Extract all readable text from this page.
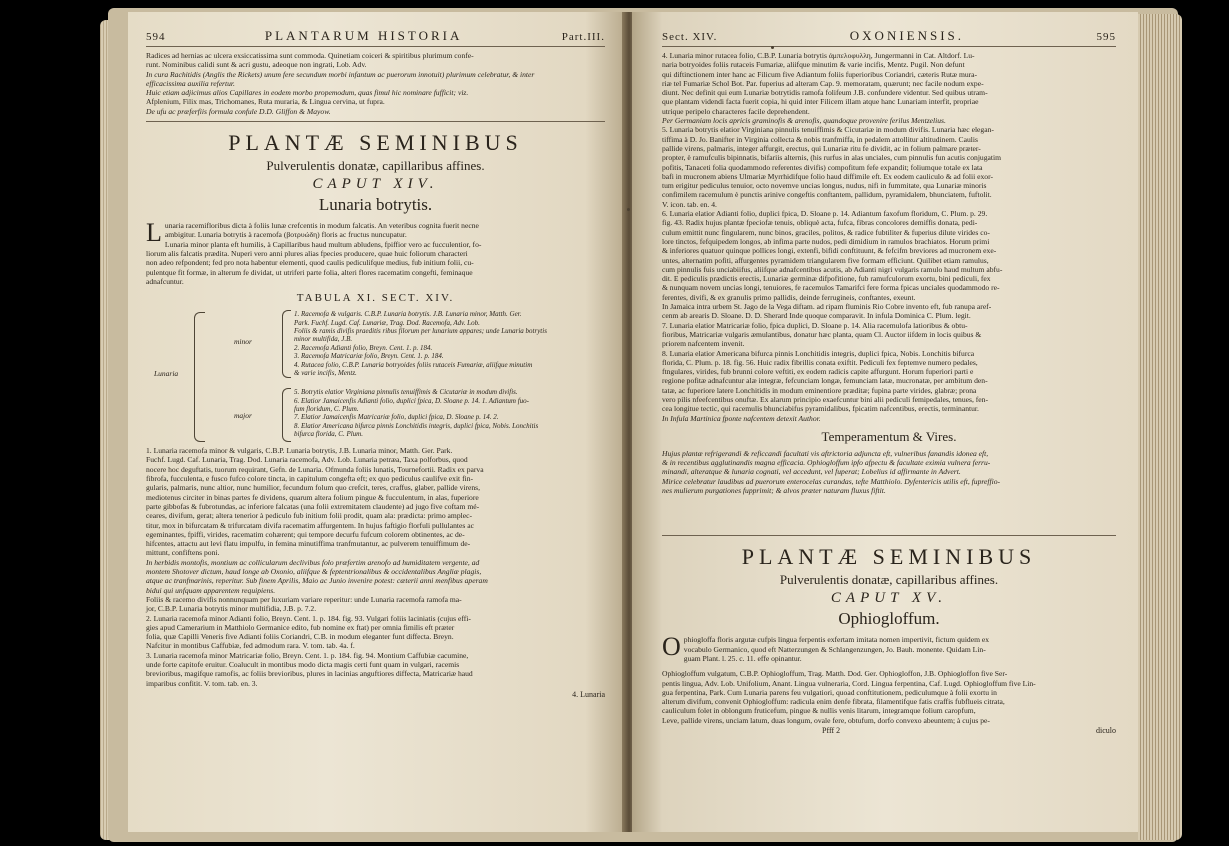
594	PLANTARUM HISTORIA	Part.III.

Radices ad hernias ac ulcera exsiccatissima sunt commoda. Quinetiam coiceri & spiritibus plurimum confe-

runt. Nominibus calidi sunt & acri gustu, adeoque non ingrati, Lob. Adv.

In cura Rachitidis (Anglis the Rickets) unum fere secundum morbi infantum ac puerorum innotuit) plurimum celebratur, & inter

efficacissima auxilia refertur.

Huic etiam adjicimus alios Capillares in eodem morbo propemodum, quas fimul hic nominare fufficit; viz.

Afplenium, Filix mas, Trichomanes, Ruta muraria, & Lingua cervina, ut fupra.

De ufu ac præferfiis formula confule D.D. Gliffon & Mayow.

PLANTÆ SEMINIBUS
Pulverulentis donatæ, capillaribus affines.
CAPUT XIV.
Lunaria botrytis.
L unaria racemifloribus dicta à foliis lunæ crefcentis in modum falcatis. An veteribus cognita fuerit necne

ambigitur. Lunaria botrytis à racemofa (βοτρυώδη) floris ac fructus nuncupatur.

Lunaria minor planta eft humilis, à Capillaribus haud multum abludens, fpiffior vero ac fucculentior, fo-

liorum alis falcatis prædita. Nuperi vero anni plures alias fpecies producere, quae huic foliorum characteri

non adeo refpondent; fed pro nota habentur elementi, quod caulis pediculifque medius, fub initium folii, cu-

pulentque fit formæ, in alterum fe dividat, ut utriferi parte folia, alteri flores racematim congefti, feminaque

adnafcuntur.

TABULA XI. SECT. XIV.
Lunaria
minor
major
1. Racemofa & vulgaris. C.B.P. Lunaria botrytis. J.B. Lunaria minor, Matth. Ger.
Park. Fuchf. Lugd. Caf. Lunariæ, Trag. Dod. Racemofa, Adv. Lob.
Foliis & ramis divifis praeditis ribus filorum per lunarium appares; unde Lunaria botrytis
minor multifida, J.B.
2. Racemofa Adianti folio, Breyn. Cent. 1. p. 184.
3. Racemofa Matricariæ folio, Breyn. Cent. 1. p. 184.
4. Rutacea folio, C.B.P. Lunaria botryoides foliis rutaceis Fumariæ, aliifque minutim
& varie incifis, Mentz.
5. Botrytis elatior Virginiana pinnulis tenuiffimis & Cicutariæ in modum divifis.
6. Elatior Jamaicenfis Adianti folio, duplici fpica, D. Sloane p. 14. 1. Adiantum fuo-
fum floridum, C. Plum.
7. Elatior Jamaicenfis Matricariæ folio, duplici fpica, D. Sloane p. 14. 2.
8. Elatior Americana bifurca pinnis Lonchitidis integris, duplici fpica, Nobis. Lonchitis
bifurca florida, C. Plum.

1. Lunaria racemofa minor & vulgaris, C.B.P. Lunaria botrytis, J.B. Lunaria minor, Matth. Ger. Park.

Fuchf. Lugd. Caf. Lunaria, Trag. Dod. Lunaria racemofa, Adv. Lob. Lunaria petræa, Taxa polforbus, quod

nocere hoc deguftatis, tuorum requirant, Gefn. de Lunaria. Ofmunda foliis lunatis, Tournefortii. Radix ex parva

fibrofa, fucculenta, e fusco fufco colore tincta, in capitulum congefta eft; ex quo pediculus caulifve exit fin-

gularis, palmaris, nunc altior, nunc humilior, fecundum folum quo crefcit, teres, craffus, glaber, pallide virens,

mediotenus circiter in binas partes fe dividens, quarum altera folium pingue & fucculentum, in alas, fuperiore

parte gibbofas & fubrotundas, ac inferiore falcatas (una folii extremitatem claudente) ad jugo five coftam mé-

ceares, divifum, gerat; altera tenerior à pediculo fub initium folii prodit, quam ala: prædicta: primo amplec-

titur, mox in bifurcatam & trifurcatam divifa racematim affurgentem. In hujus faftigio florfuli pullulantes ac

egeminantes, fpiffi, virides, racematim cohærent; qui tempore decurfu fufcum colorem obtinentes, ac de-

hifcentes, attactu aut levi flatu impulfu, in femina minutiffima tranfmutantur, ac pulverem tenuiffimum de-

mittunt, confiftens poni.

In herbidis montofis, montium ac collicularum declivibus folo præfertim arenofo ad humiditatem vergente, ad

montem Shotover dictum, haud longe ab Oxonio, aliifque & feptentrionalibus & occidentalibus Angliæ plagis,

atque ac tranfmarinis, reperitur. Sub finem Aprilis, Maio ac Junio invenire potest: cæterii anni menfibus aperam

bidui qui unfquam apparentem requipiens.

Foliis & racemo divifis nonnunquam per luxuriam variare reperitur: unde Lunaria racemofa ramofa ma-

jor, C.B.P. Lunaria botrytis minor multifidia, J.B. p. 7.2.

2. Lunaria racemofa minor Adianti folio, Breyn. Cent. 1. p. 184. fig. 93. Vulgari foliis laciniatis (cujus effi-

gies apud Camerarium in Matthiolo Germanice edito, fub nomine ex ftat) per omnia fimilis eft præter

folia, quæ Capilli Veneris five Adianti foliis Coriandri, C.B. in modum eleganter funt diffecta. Breyn.

Nafcitur in montibus Caffubiæ, fed admodum rara. V. tom. tab. 4a. f.

3. Lunaria racemofa minor Matricariæ folio, Breyn. Cent. 1. p. 184. fig. 94. Montium Caffubiæ cacumine,

unde forte capitofe eruitur. Coalucult in montibus modo dicta magis certi funt quam in vulgari, racemis

brevioribus, magifque ramofis, ac foliis brevioribus, plures in lacinias anguftiores diffecta, Matricariæ haud

imparibus confitit. V. tom. tab. en. 3.

4. Lunaria
Sect. XIV.	OXONIENSIS.	595

4. Lunaria minor rutacea folio, C.B.P. Lunaria botrytis ἀμπελοφυλλη, Jungermanni in Cat. Altdorf. Lu-

naria botryoides foliis rutaceis Fumariæ, aliifque minutim & varie incifis, Mentz. Pugil. Non defunt

qui diftinctionem inter hanc ac Filicum five Adiantum foliis fuperioribus Coriandri, cæteris Rutæ mura-

riæ tel Fumariæ Schol Bot. Par. fuperius ad alteram Cap. 9. memoratam, quærunt; nec facile nodum expe-

diunt. Nec definit qui eum Lunariæ botrytidis ramofa folifeum J.B. confundere videntur. Sed quibus utram-

que plantam videndi facta fuerit copia, hi quid inter Filicem illam atque hanc Lunariam interfit, propriae

utrique peripelo characteres facile deprehendent.

Per Germaniam locis apricis graminofis & arenofis, quandoque provenire ferilus Mentzelius.

5. Lunaria botrytis elatior Virginiana pinnulis tenuiffimis & Cicutariæ in modum divifis. Lunaria hæc elegan-

tiffima à D. Jo. Banifter in Virginia collecta & nobis tranfmiffa, in pedalem attollitur altitudinem. Caulis

pallide virens, palmaris, integer affurgit, erectus, qui Lunariæ ritu fe dividit, ac in folium palmare præter-

propter, è ramufculis bipinnatis, bifariis alternis, (his rurfus in alas unciales, cum pinnulis fun acutis conjugatim

pofitis, Tanaceti folia quodammodo referentes divifis) compofitum fefe expandit; foliumque totale ex lata

bafi in mucronem abiens Ulmariæ Myrrhidifque folio haud diffimile eft. Ex eodem cauliculo & ad folii exor-

tum erigitur pediculus tenuior, octo novemve uncias longus, nudus, nifi in fummitate, qua Lunariæ minoris

confimilem racemulum è punctis arinive congeftis conftantem, pallidum, pyramidalem, bhunciatem, fuftolit.

V. icon. tab. en. 4.

6. Lunaria elatior Adianti folio, duplici fpica, D. Sloane p. 14. Adiantum faxofum floridum, C. Plum. p. 29.

fig. 43. Radix hujus plantæ fpeciofæ tenuis, obliquè acta, fufca, fibras concolores demiffis donata, pedi-

culum emittit nunc fingularem, nunc binos, graciles, politos, & radice fubtiliter & fuperius dilute virides co-

lore tinctos, fefquipedem longos, ab infima parte nudos, pedi dimidium in ramulos brachiatos. Horum primi

& inferiores quatuor quinque pollices longi, extenfi, bifidi conftituunt, & fefcifm breviores ad mucronem exe-

untes, alternatim pofiti, affurgentes pyramidem triangularem five formam efficiunt. Quilibet etiam ramulus,

cum pinnulis fuis unciabiifus, aliifque adnafcentibus acutis, ab Adianti nigri vulgaris ramulo haud multum abfu-

dit. E pediculis prædictis erectis, Lunariæ germinæ difpofitione, fub ramufculorum exortu, bini pediculi, fex

& nunquam novem uncias longi, tenuiores, fe racemulos Tamarifci fere forma fpicas unciales quodammodo re-

ferentes, divifi, & ex granulis primo pallidis, deinde ferrugineis, conftantes, exeunt.

In Jamaica intra urbem St. Jago de la Vega diftam. ad ripam fluminis Rio Cobre invento eft, fub ranupa aref-

cenm ab arearis D. Sloane. D. D. Sherard Inde quoque comparavit. In infula Dominica C. Plum. legit.

7. Lunaria elatior Matricariæ folio, fpica duplici, D. Sloane p. 14. Alia racemulofa latioribus & obtu-

fioribus, Matricariæ vulgaris æmulantibus, donatur hæc planta, quam Cl. Auctor iifdem in locis quibus &

priorem nafcentem invenit.

8. Lunaria elatior Americana bifurca pinnis Lonchitidis integris, duplici fpica, Nobis. Lonchitis bifurca

florida, C. Plum. p. 18. fig. 56. Huic radix fibrillis conata exiftit. Pediculi fex feptemve numero pedales,

ftngulares, virides, fub brunni colore veftiti, ex eodem radicis capite affurgunt. Horum fuperiori parti e

regione pofitæ adnafcuntur alæ integræ, fefcunciam longæ, femunciam latæ, mucronatæ, per ambitum den-

tatæ, ac fuperiore latere Lonchitidis in modum eminentiore præditæ; fupina parte virides, glabræ; prona

vero pilis nfeefcentibus onuftæ. Ex alarum principio exaefcuntur bini alii pediculi femipedales, tenues, fen-

cea longitue tectic, qui racemulis bhunciabifus pyramidalibus, fpicatim nafcentibus, erectis, terminantur.

In Infula Martinica fponte nafcentem detexit Author.

Temperamentum & Vires.

Hujus plantæ refrigerandi & reficcandi facultati vis aftrictoria adjuncta eft, vulneribus fanandis idonea eft,

& in recentibus agglutinandis magna efficacia. Ophiogloffum ipfo afpectu & facultate eximia vulnera ferru-

minandi, alteratque & lunaria cognati, vel accedunt, vel fuperat; Lobelius id affirmante in Advert.

Mirice celebratur laudibus ad puerorum enterocelas curandas, tefte Matthiolo. Dyfentericis utilis eft, fupreffio-

nes mulierum purgationes fupprimit; & alvos præter naturam fluxus fiftit.

PLANTÆ SEMINIBUS
Pulverulentis donatæ, capillaribus affines.
CAPUT XV.
Ophiogloffum.
O phiogloffa floris argutæ cufpis lingua ferpentis exfertam imitata nomen impertivit, fictum quidem ex

vocabulo Germanico, quod eft Natterzungen & Schlangenzungen, Jo. Bauh. monente. Quidam Lin-

guam Plant. l. 25. c. 11. effe opinantur.

Ophiogloffum vulgatum, C.B.P. Ophiogloffum, Trag. Matth. Dod. Ger. Ophiogloffon, J.B. Ophiogloffon five Ser-

pentis lingua, Adv. Lob. Unifolium, Anant. Lingua vulneraria, Cord. Lingua ferpentina, Caf. Lugd. Ophiogloffum five Lin-

gua ferpentina, Park. Cum Lunaria parens feu vulgatiori, quoad conftitutionem, pediculumque à folii exortu in

alterum divifum, convenit Ophiogloffum: radicula enim denfe fibrata, filamentifque fatis craffis fubflueis citrata,

cauliculum folet in oblongum fruticefum, pingue & nullis venis litarum, integramque folium caropfum,

Leve, pallide virens, unciam latum, duas longum, ovale fere, obtufum, dorfo convexo abeuntem; à cujus pe-

Pfff 2	diculo
